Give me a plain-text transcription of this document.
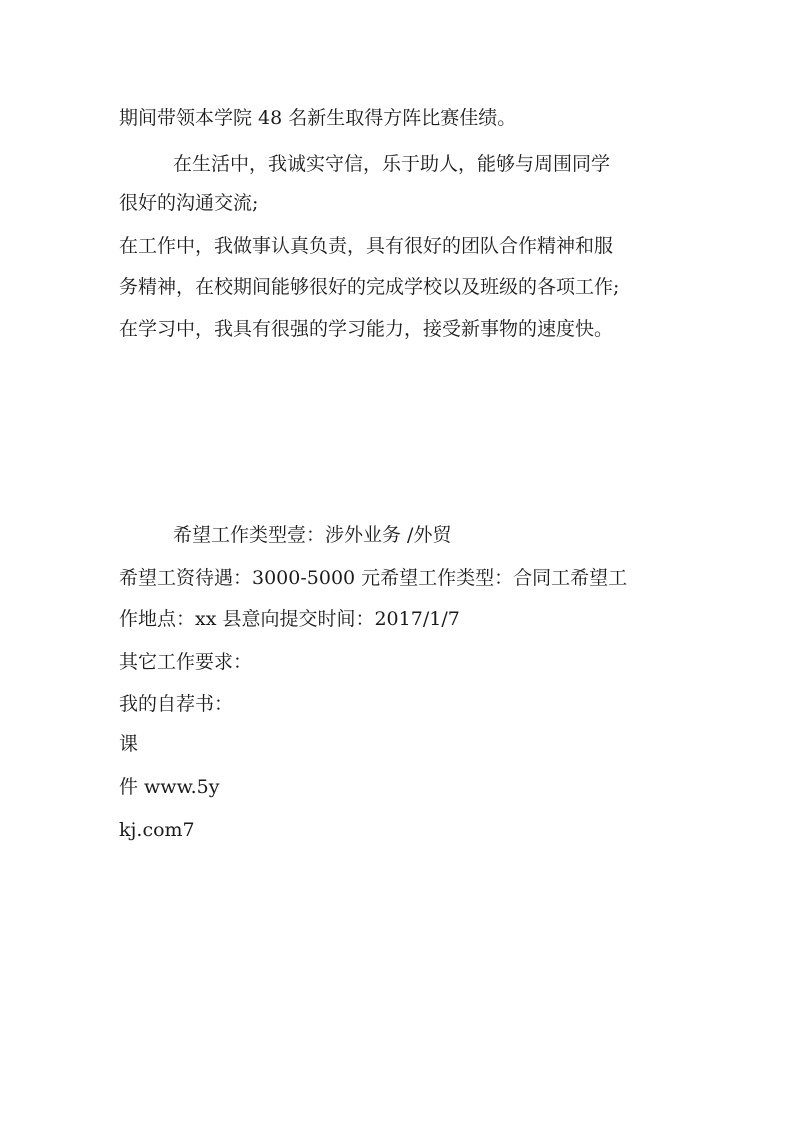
期间带领本学院 48 名新生取得方阵比赛佳绩。
在生活中，我诚实守信，乐于助人，能够与周围同学
很好的沟通交流;
在工作中，我做事认真负责，具有很好的团队合作精神和服
务精神，在校期间能够很好的完成学校以及班级的各项工作;
在学习中，我具有很强的学习能力，接受新事物的速度快。
希望工作类型壹：涉外业务 /外贸
希望工资待遇：3000-5000 元希望工作类型：合同工希望工
作地点：xx 县意向提交时间：2017/1/7
其它工作要求：
我的自荐书：
课
件 www.5y
kj.com7
